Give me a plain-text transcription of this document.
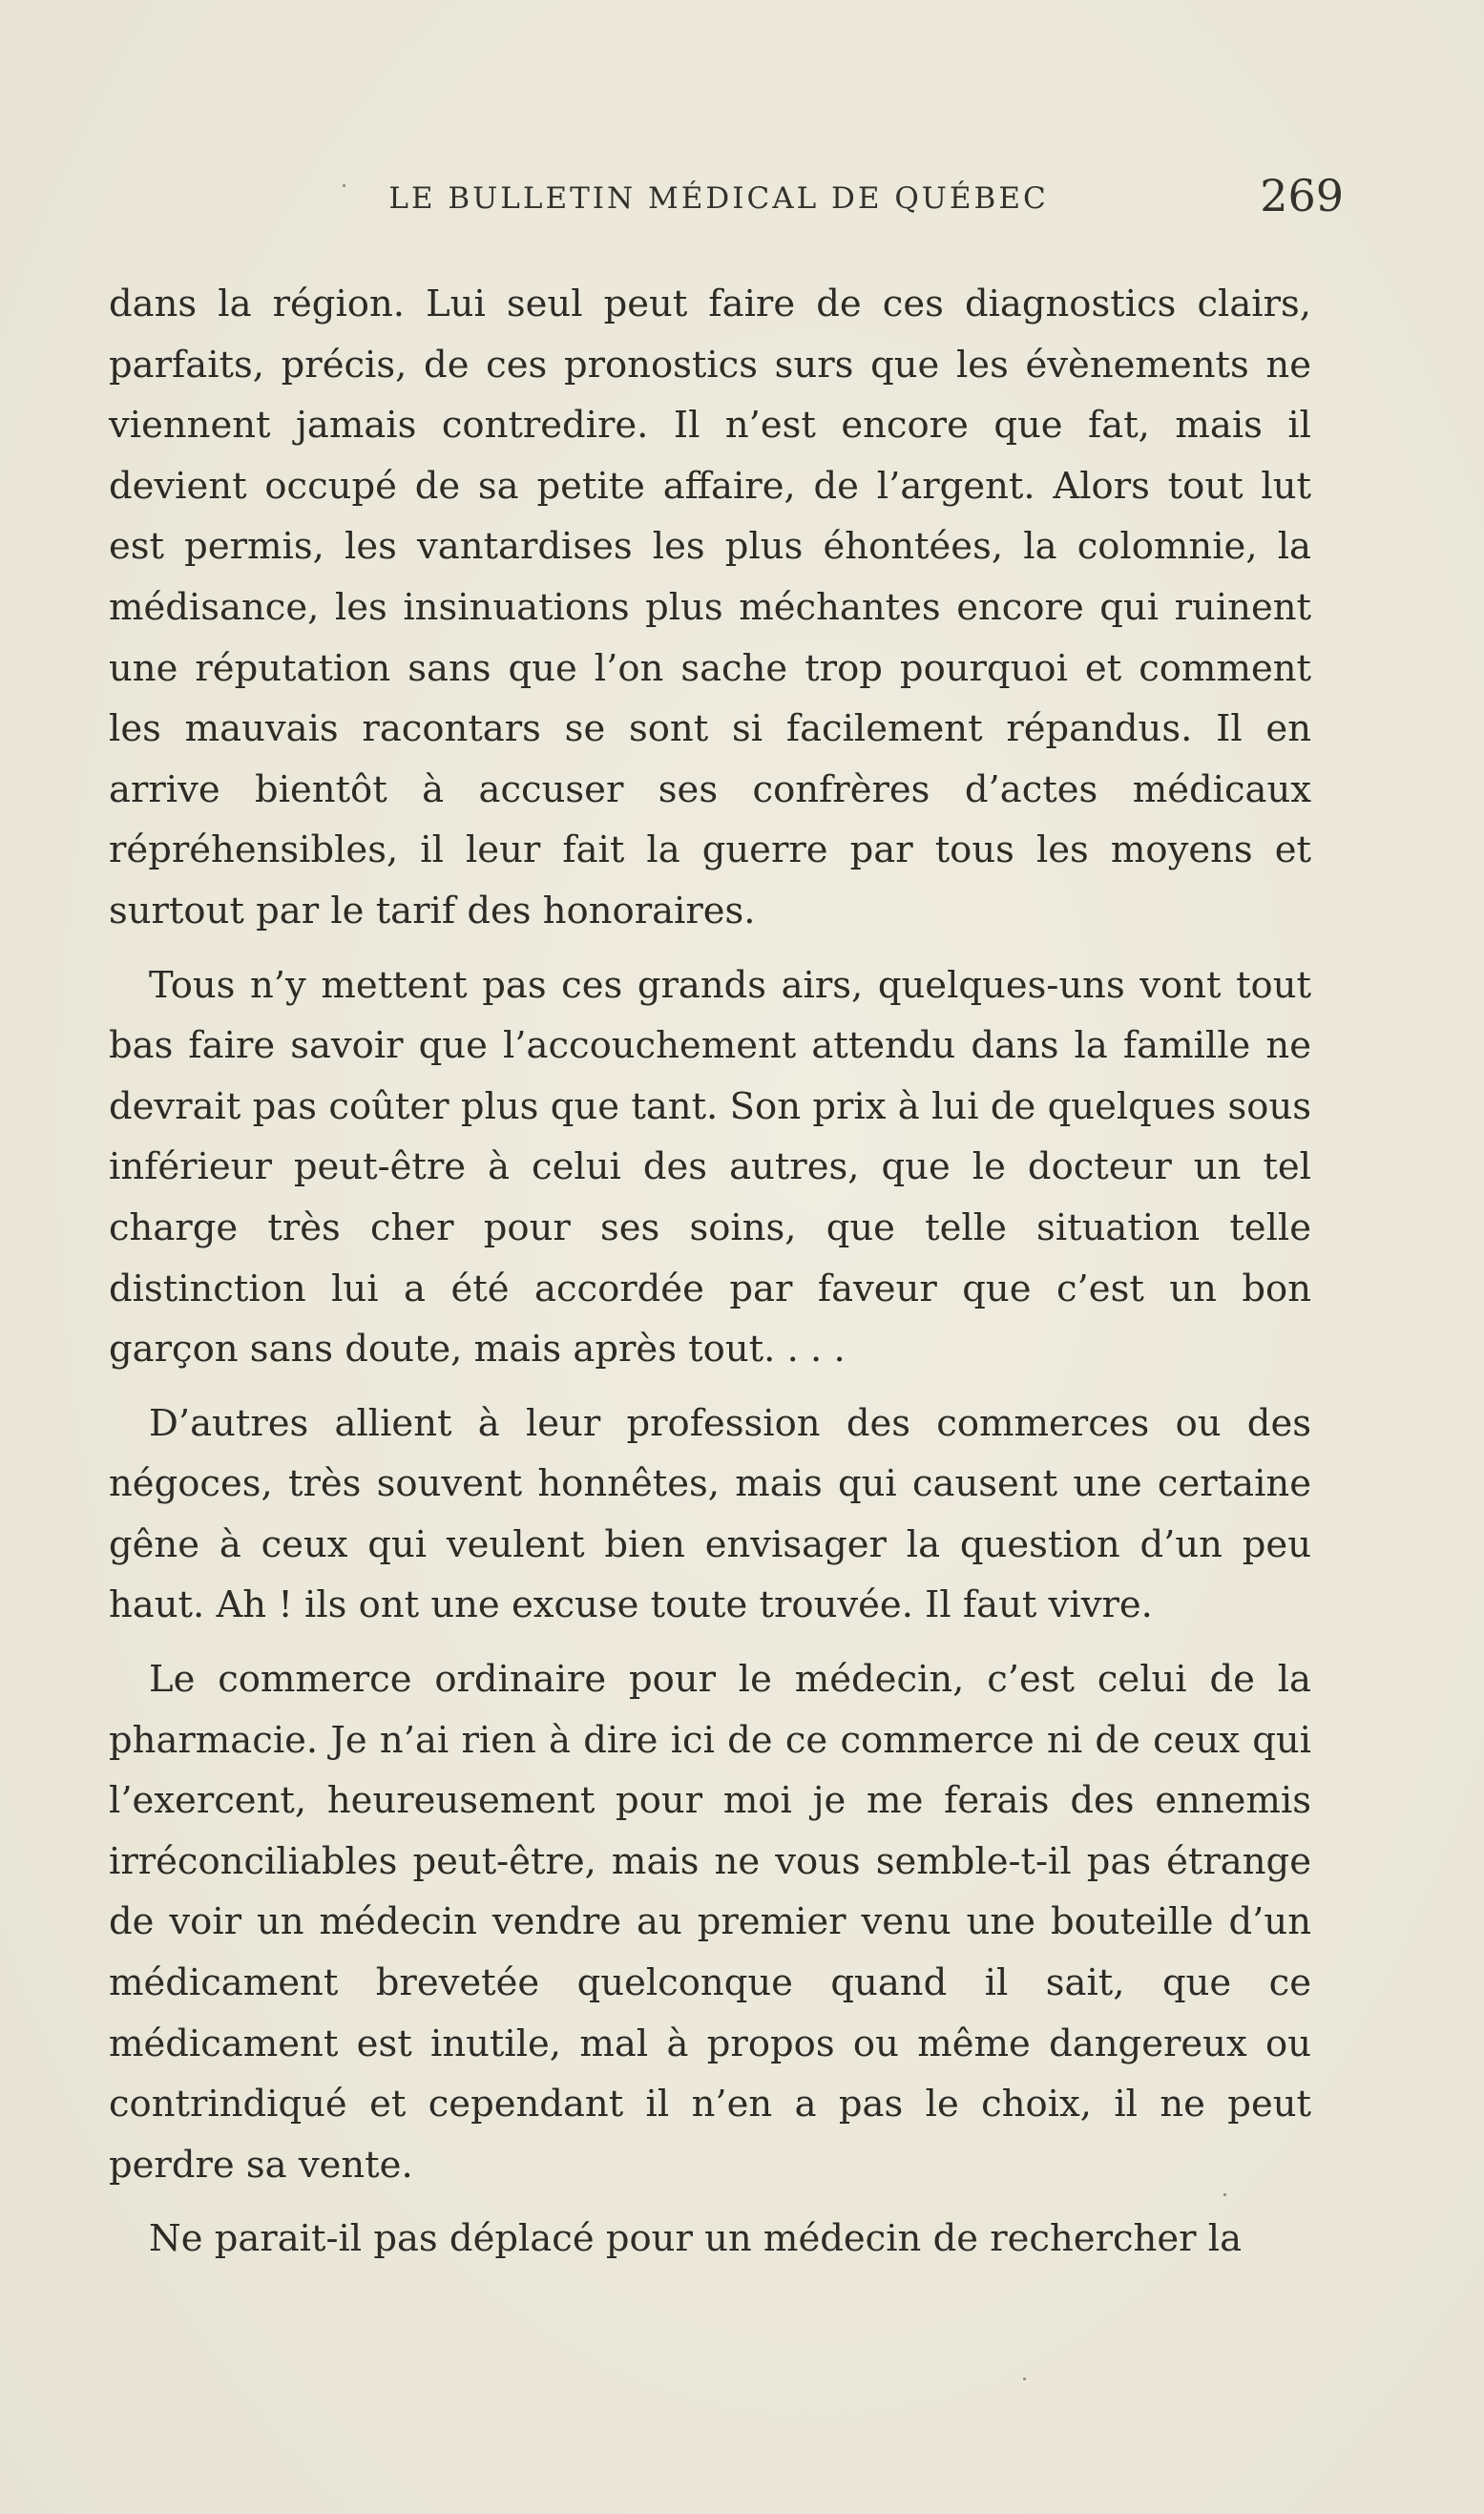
LE BULLETIN MÉDICAL DE QUÉBEC	269

dans la région. Lui seul peut faire de ces diagnostics clairs, parfaits, précis, de ces pronostics surs que les évènements ne viennent jamais contredire. Il n’est encore que fat, mais il devient occupé de sa petite affaire, de l’argent. Alors tout lut est permis, les vantardises les plus éhontées, la colomnie, la médisance, les insinuations plus méchantes encore qui ruinent une réputation sans que l’on sache trop pourquoi et comment les mauvais racontars se sont si facilement répandus. Il en arrive bientôt à accuser ses confrères d’actes médicaux répréhensibles, il leur fait la guerre par tous les moyens et surtout par le tarif des honoraires.

Tous n’y mettent pas ces grands airs, quelques-uns vont tout bas faire savoir que l’accouchement attendu dans la famille ne devrait pas coûter plus que tant. Son prix à lui de quelques sous inférieur peut-être à celui des autres, que le docteur un tel charge très cher pour ses soins, que telle situation telle distinction lui a été accordée par faveur que c’est un bon garçon sans doute, mais après tout. . . .

D’autres allient à leur profession des commerces ou des négoces, très souvent honnêtes, mais qui causent une certaine gêne à ceux qui veulent bien envisager la question d’un peu haut. Ah ! ils ont une excuse toute trouvée. Il faut vivre.

Le commerce ordinaire pour le médecin, c’est celui de la pharmacie. Je n’ai rien à dire ici de ce commerce ni de ceux qui l’exercent, heureusement pour moi je me ferais des ennemis irréconciliables peut-être, mais ne vous semble-t-il pas étrange de voir un médecin vendre au premier venu une bouteille d’un médicament brevetée quelconque quand il sait, que ce médicament est inutile, mal à propos ou même dangereux ou contrindiqué et cependant il n’en a pas le choix, il ne peut perdre sa vente.

Ne parait-il pas déplacé pour un médecin de rechercher la
